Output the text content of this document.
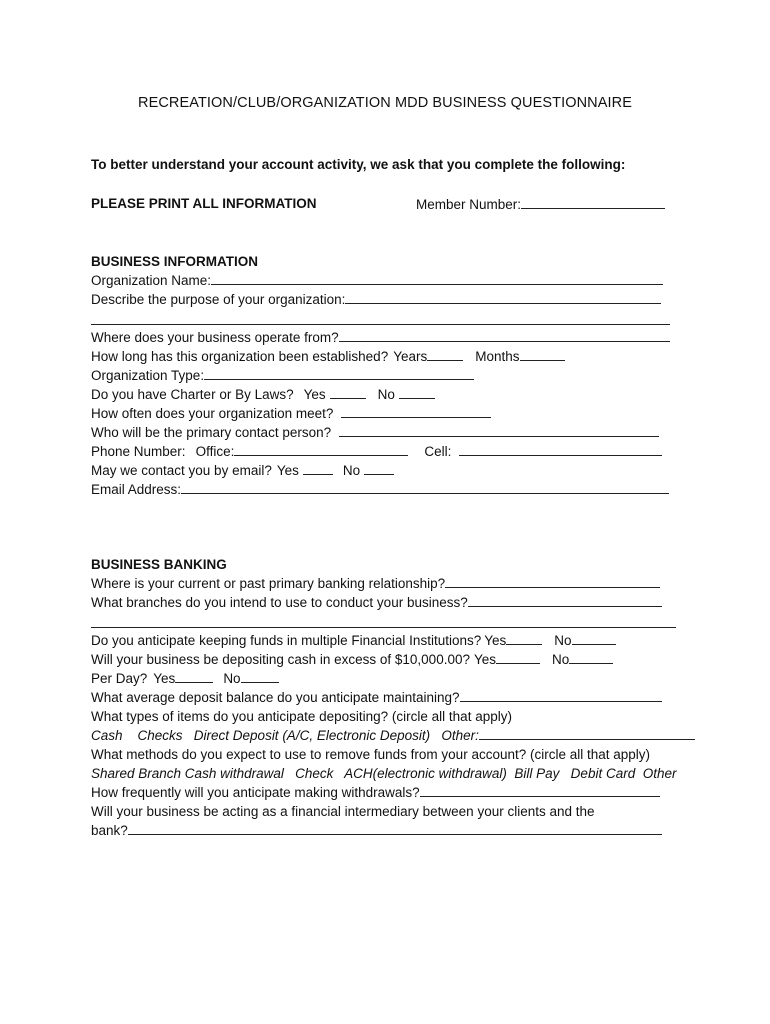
RECREATION/CLUB/ORGANIZATION MDD BUSINESS QUESTIONNAIRE
To better understand your account activity, we ask that you complete the following:
PLEASE PRINT ALL INFORMATION	Member Number:
BUSINESS INFORMATION
Organization Name:
Describe the purpose of your organization:
Where does your business operate from?
How long has this organization been established? Years	Months
Organization Type:
Do you have Charter or By Laws? Yes	No
How often does your organization meet?
Who will be the primary contact person?
Phone Number: Office:	Cell:
May we contact you by email? Yes	No
Email Address:
BUSINESS BANKING
Where is your current or past primary banking relationship?
What branches do you intend to use to conduct your business?
Do you anticipate keeping funds in multiple Financial Institutions? Yes	No
Will your business be depositing cash in excess of $10,000.00? Yes	No
Per Day? Yes	No
What average deposit balance do you anticipate maintaining?
What types of items do you anticipate depositing? (circle all that apply)
Cash    Checks   Direct Deposit (A/C, Electronic Deposit)   Other:
What methods do you expect to use to remove funds from your account? (circle all that apply)
Shared Branch Cash withdrawal   Check   ACH(electronic withdrawal)  Bill Pay   Debit Card  Other
How frequently will you anticipate making withdrawals?
Will your business be acting as a financial intermediary between your clients and the
bank?
